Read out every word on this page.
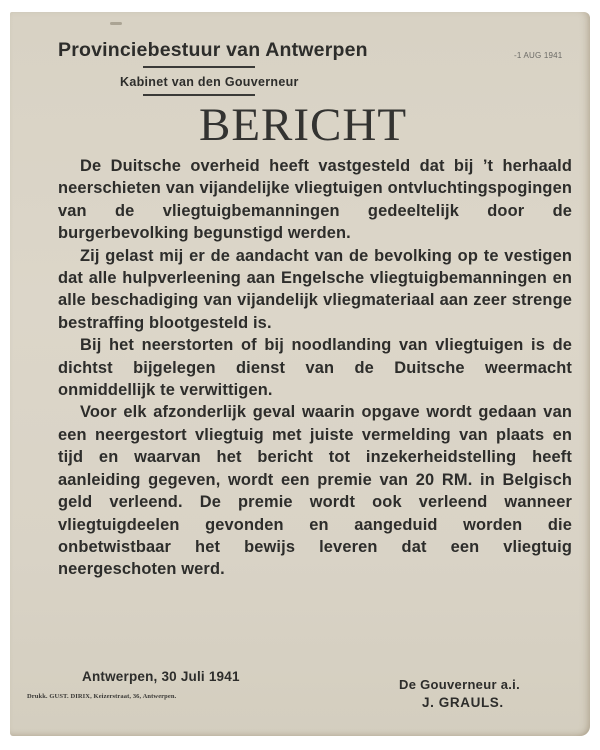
Provinciebestuur van Antwerpen
Kabinet van den Gouverneur
-1 AUG 1941
BERICHT

De Duitsche overheid heeft vastgesteld dat bij ’t herhaald neerschieten van vijandelijke vliegtuigen ontvluchtingspogingen van de vliegtuigbemanningen gedeeltelijk door de burgerbevolking begunstigd werden.

Zij gelast mij er de aandacht van de bevolking op te vestigen dat alle hulpverleening aan Engelsche vliegtuigbemanningen en alle beschadiging van vijandelijk vliegmateriaal aan zeer strenge bestraffing blootgesteld is.

Bij het neerstorten of bij noodlanding van vliegtuigen is de dichtst bijgelegen dienst van de Duitsche weermacht onmiddellijk te verwittigen.

Voor elk afzonderlijk geval waarin opgave wordt gedaan van een neergestort vliegtuig met juiste vermelding van plaats en tijd en waarvan het bericht tot inzekerheidstelling heeft aanleiding gegeven, wordt een premie van 20 RM. in Belgisch geld verleend. De premie wordt ook verleend wanneer vliegtuigdeelen gevonden en aangeduid worden die onbetwistbaar het bewijs leveren dat een vliegtuig neergeschoten werd.

Antwerpen, 30 Juli 1941
Drukk. GUST. DIRIX, Keizerstraat, 36, Antwerpen.
De Gouverneur a.i.
J. GRAULS.
